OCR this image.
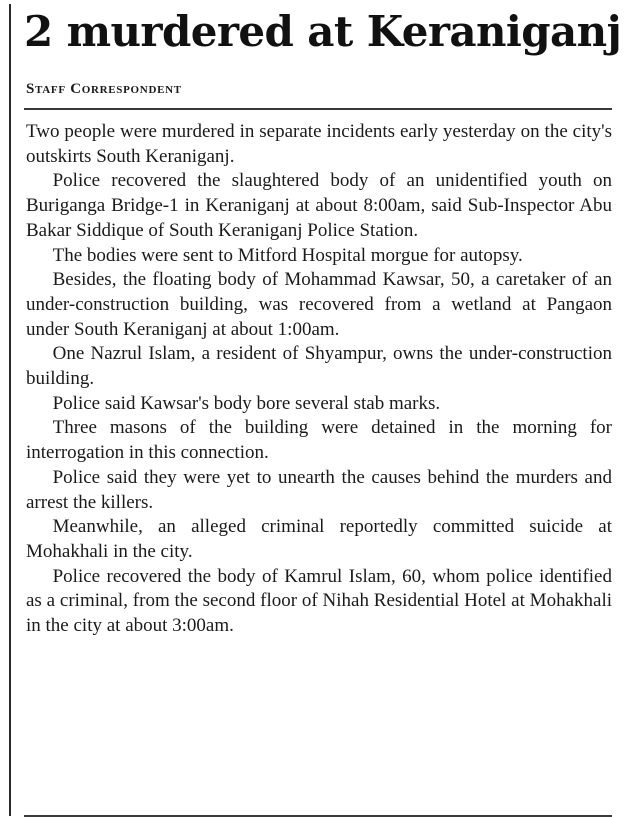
2 murdered at Keraniganj
Staff Correspondent

Two people were murdered in separate incidents early yesterday on the city's outskirts South Keraniganj.

Police recovered the slaughtered body of an unidentified youth on Buriganga Bridge-1 in Keraniganj at about 8:00am, said Sub-Inspector Abu Bakar Siddique of South Keraniganj Police Station.

The bodies were sent to Mitford Hospital morgue for autopsy.

Besides, the floating body of Mohammad Kawsar, 50, a caretaker of an under-construction building, was recovered from a wetland at Pangaon under South Keraniganj at about 1:00am.

One Nazrul Islam, a resident of Shyampur, owns the under-construction building.

Police said Kawsar's body bore several stab marks.

Three masons of the building were detained in the morning for interrogation in this connection.

Police said they were yet to unearth the causes behind the murders and arrest the killers.

Meanwhile, an alleged criminal reportedly committed suicide at Mohakhali in the city.

Police recovered the body of Kamrul Islam, 60, whom police identified as a criminal, from the second floor of Nihah Residential Hotel at Mohakhali in the city at about 3:00am.
